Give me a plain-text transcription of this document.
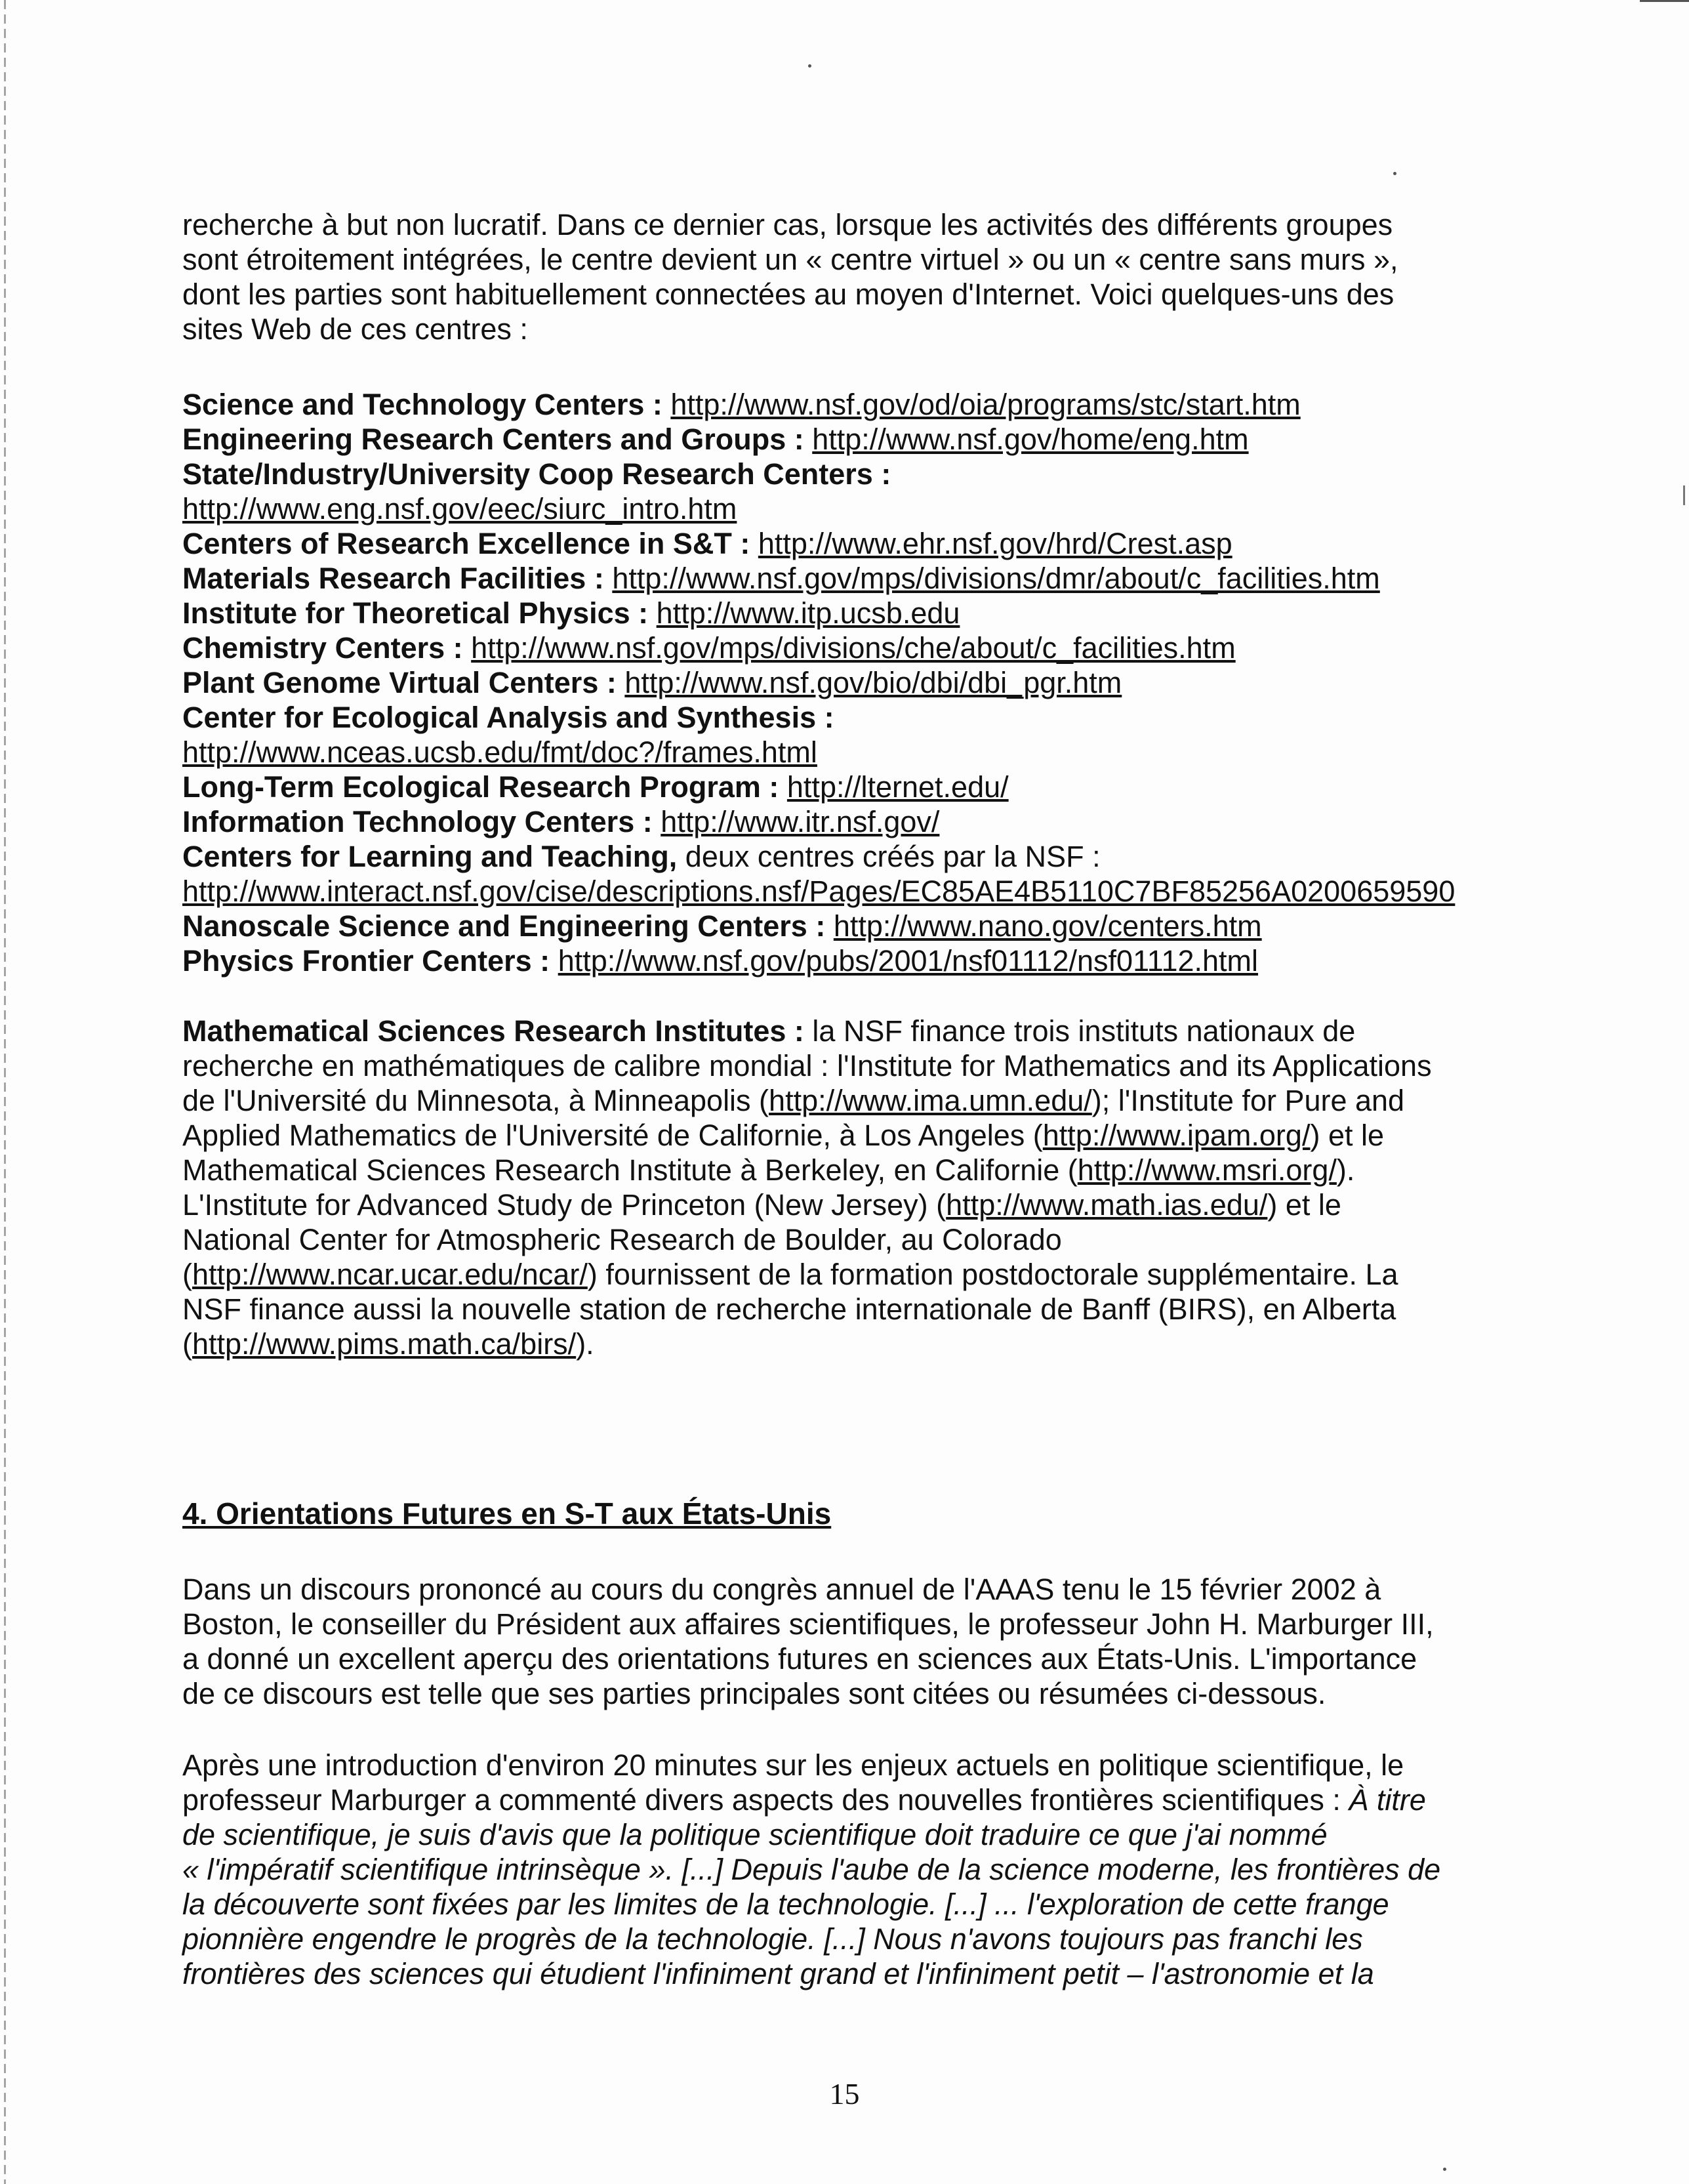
recherche à but non lucratif. Dans ce dernier cas, lorsque les activités des différents groupes
sont étroitement intégrées, le centre devient un « centre virtuel » ou un « centre sans murs »,
dont les parties sont habituellement connectées au moyen d'Internet. Voici quelques-uns des
sites Web de ces centres :
Science and Technology Centers : http://www.nsf.gov/od/oia/programs/stc/start.htm
Engineering Research Centers and Groups : http://www.nsf.gov/home/eng.htm
State/Industry/University Coop Research Centers :
http://www.eng.nsf.gov/eec/siurc_intro.htm
Centers of Research Excellence in S&T : http://www.ehr.nsf.gov/hrd/Crest.asp
Materials Research Facilities : http://www.nsf.gov/mps/divisions/dmr/about/c_facilities.htm
Institute for Theoretical Physics : http://www.itp.ucsb.edu
Chemistry Centers : http://www.nsf.gov/mps/divisions/che/about/c_facilities.htm
Plant Genome Virtual Centers : http://www.nsf.gov/bio/dbi/dbi_pgr.htm
Center for Ecological Analysis and Synthesis :
http://www.nceas.ucsb.edu/fmt/doc?/frames.html
Long-Term Ecological Research Program : http://lternet.edu/
Information Technology Centers : http://www.itr.nsf.gov/
Centers for Learning and Teaching, deux centres créés par la NSF :
http://www.interact.nsf.gov/cise/descriptions.nsf/Pages/EC85AE4B5110C7BF85256A0200659590
Nanoscale Science and Engineering Centers : http://www.nano.gov/centers.htm
Physics Frontier Centers : http://www.nsf.gov/pubs/2001/nsf01112/nsf01112.html
Mathematical Sciences Research Institutes : la NSF finance trois instituts nationaux de
recherche en mathématiques de calibre mondial : l'Institute for Mathematics and its Applications
de l'Université du Minnesota, à Minneapolis (http://www.ima.umn.edu/); l'Institute for Pure and
Applied Mathematics de l'Université de Californie, à Los Angeles (http://www.ipam.org/) et le
Mathematical Sciences Research Institute à Berkeley, en Californie (http://www.msri.org/).
L'Institute for Advanced Study de Princeton (New Jersey) (http://www.math.ias.edu/) et le
National Center for Atmospheric Research de Boulder, au Colorado
(http://www.ncar.ucar.edu/ncar/) fournissent de la formation postdoctorale supplémentaire. La
NSF finance aussi la nouvelle station de recherche internationale de Banff (BIRS), en Alberta
(http://www.pims.math.ca/birs/).
4. Orientations Futures en S-T aux États-Unis
Dans un discours prononcé au cours du congrès annuel de l'AAAS tenu le 15 février 2002 à
Boston, le conseiller du Président aux affaires scientifiques, le professeur John H. Marburger III,
a donné un excellent aperçu des orientations futures en sciences aux États-Unis. L'importance
de ce discours est telle que ses parties principales sont citées ou résumées ci-dessous.
Après une introduction d'environ 20 minutes sur les enjeux actuels en politique scientifique, le
professeur Marburger a commenté divers aspects des nouvelles frontières scientifiques : À titre
de scientifique, je suis d'avis que la politique scientifique doit traduire ce que j'ai nommé
« l'impératif scientifique intrinsèque ». [...] Depuis l'aube de la science moderne, les frontières de
la découverte sont fixées par les limites de la technologie. [...] ... l'exploration de cette frange
pionnière engendre le progrès de la technologie. [...] Nous n'avons toujours pas franchi les
frontières des sciences qui étudient l'infiniment grand et l'infiniment petit – l'astronomie et la
15
